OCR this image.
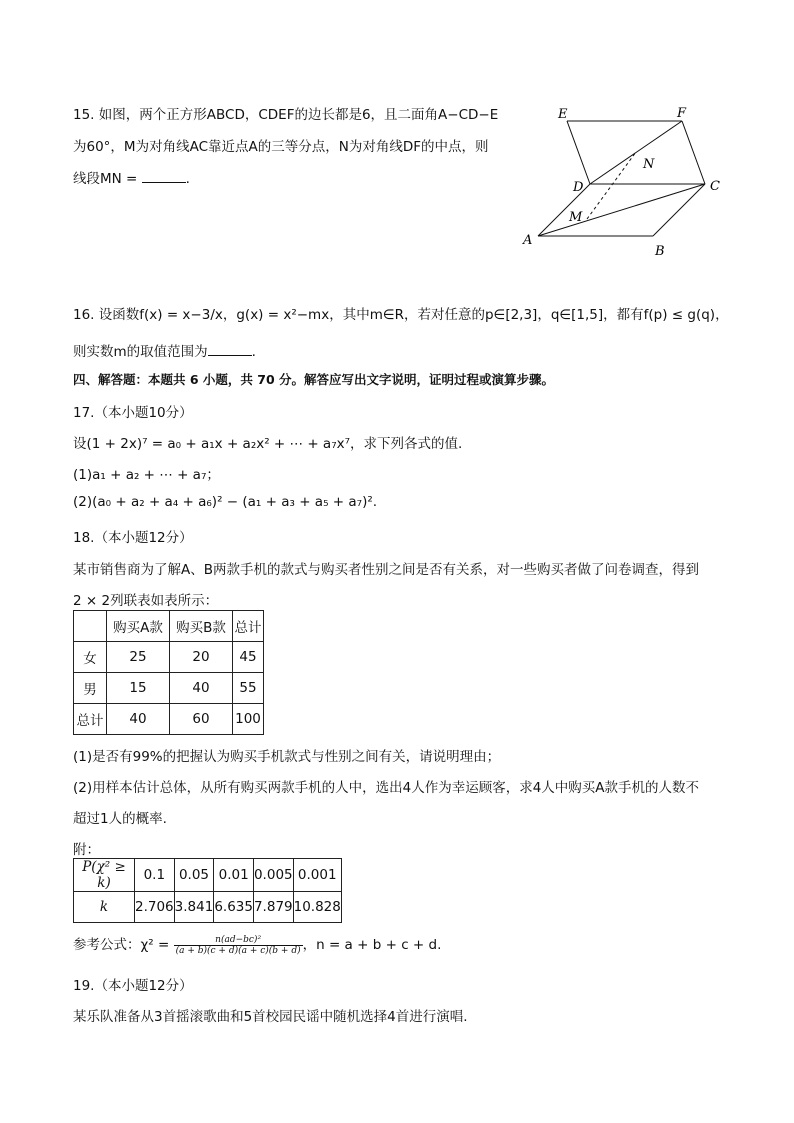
15. 如图，两个正方形ABCD，CDEF的边长都是6，且二面角A−CD−E
为60°，M为对角线AC靠近点A的三等分点，N为对角线DF的中点，则
线段MN =	.
E	F
N
D	C
M
A
B
16. 设函数f(x) = x−3/x，g(x) = x²−mx，其中m∈R，若对任意的p∈[2,3]，q∈[1,5]，都有f(p) ≤ g(q)，
则实数m的取值范围为	.
四、解答题：本题共 6 小题，共 70 分。解答应写出文字说明，证明过程或演算步骤。
17.（本小题10分）
设(1 + 2x)⁷ = a₀ + a₁x + a₂x² + ⋯ + a₇x⁷，求下列各式的值.
(1)a₁ + a₂ + ⋯ + a₇；
(2)(a₀ + a₂ + a₄ + a₆)² − (a₁ + a₃ + a₅ + a₇)².
18.（本小题12分）
某市销售商为了解A、B两款手机的款式与购买者性别之间是否有关系，对一些购买者做了问卷调查，得到
2 × 2列联表如表所示：
	购买A款	购买B款	总计
女	25	20	45
男	15	40	55
总计	40	60	100
(1)是否有99%的把握认为购买手机款式与性别之间有关，请说明理由；
(2)用样本估计总体，从所有购买两款手机的人中，选出4人作为幸运顾客，求4人中购买A款手机的人数不
超过1人的概率.
附：
P(χ² ≥ k)	0.1	0.05	0.01	0.005	0.001
k	2.706	3.841	6.635	7.879	10.828
参考公式：$\chi^2 = \frac{\text{n(ad−bc)²}}{(a + b)(c + d)(a + c)(b + d)}$ ，n = a + b + c + d.
19.（本小题12分）
某乐队准备从3首摇滚歌曲和5首校园民谣中随机选择4首进行演唱.
